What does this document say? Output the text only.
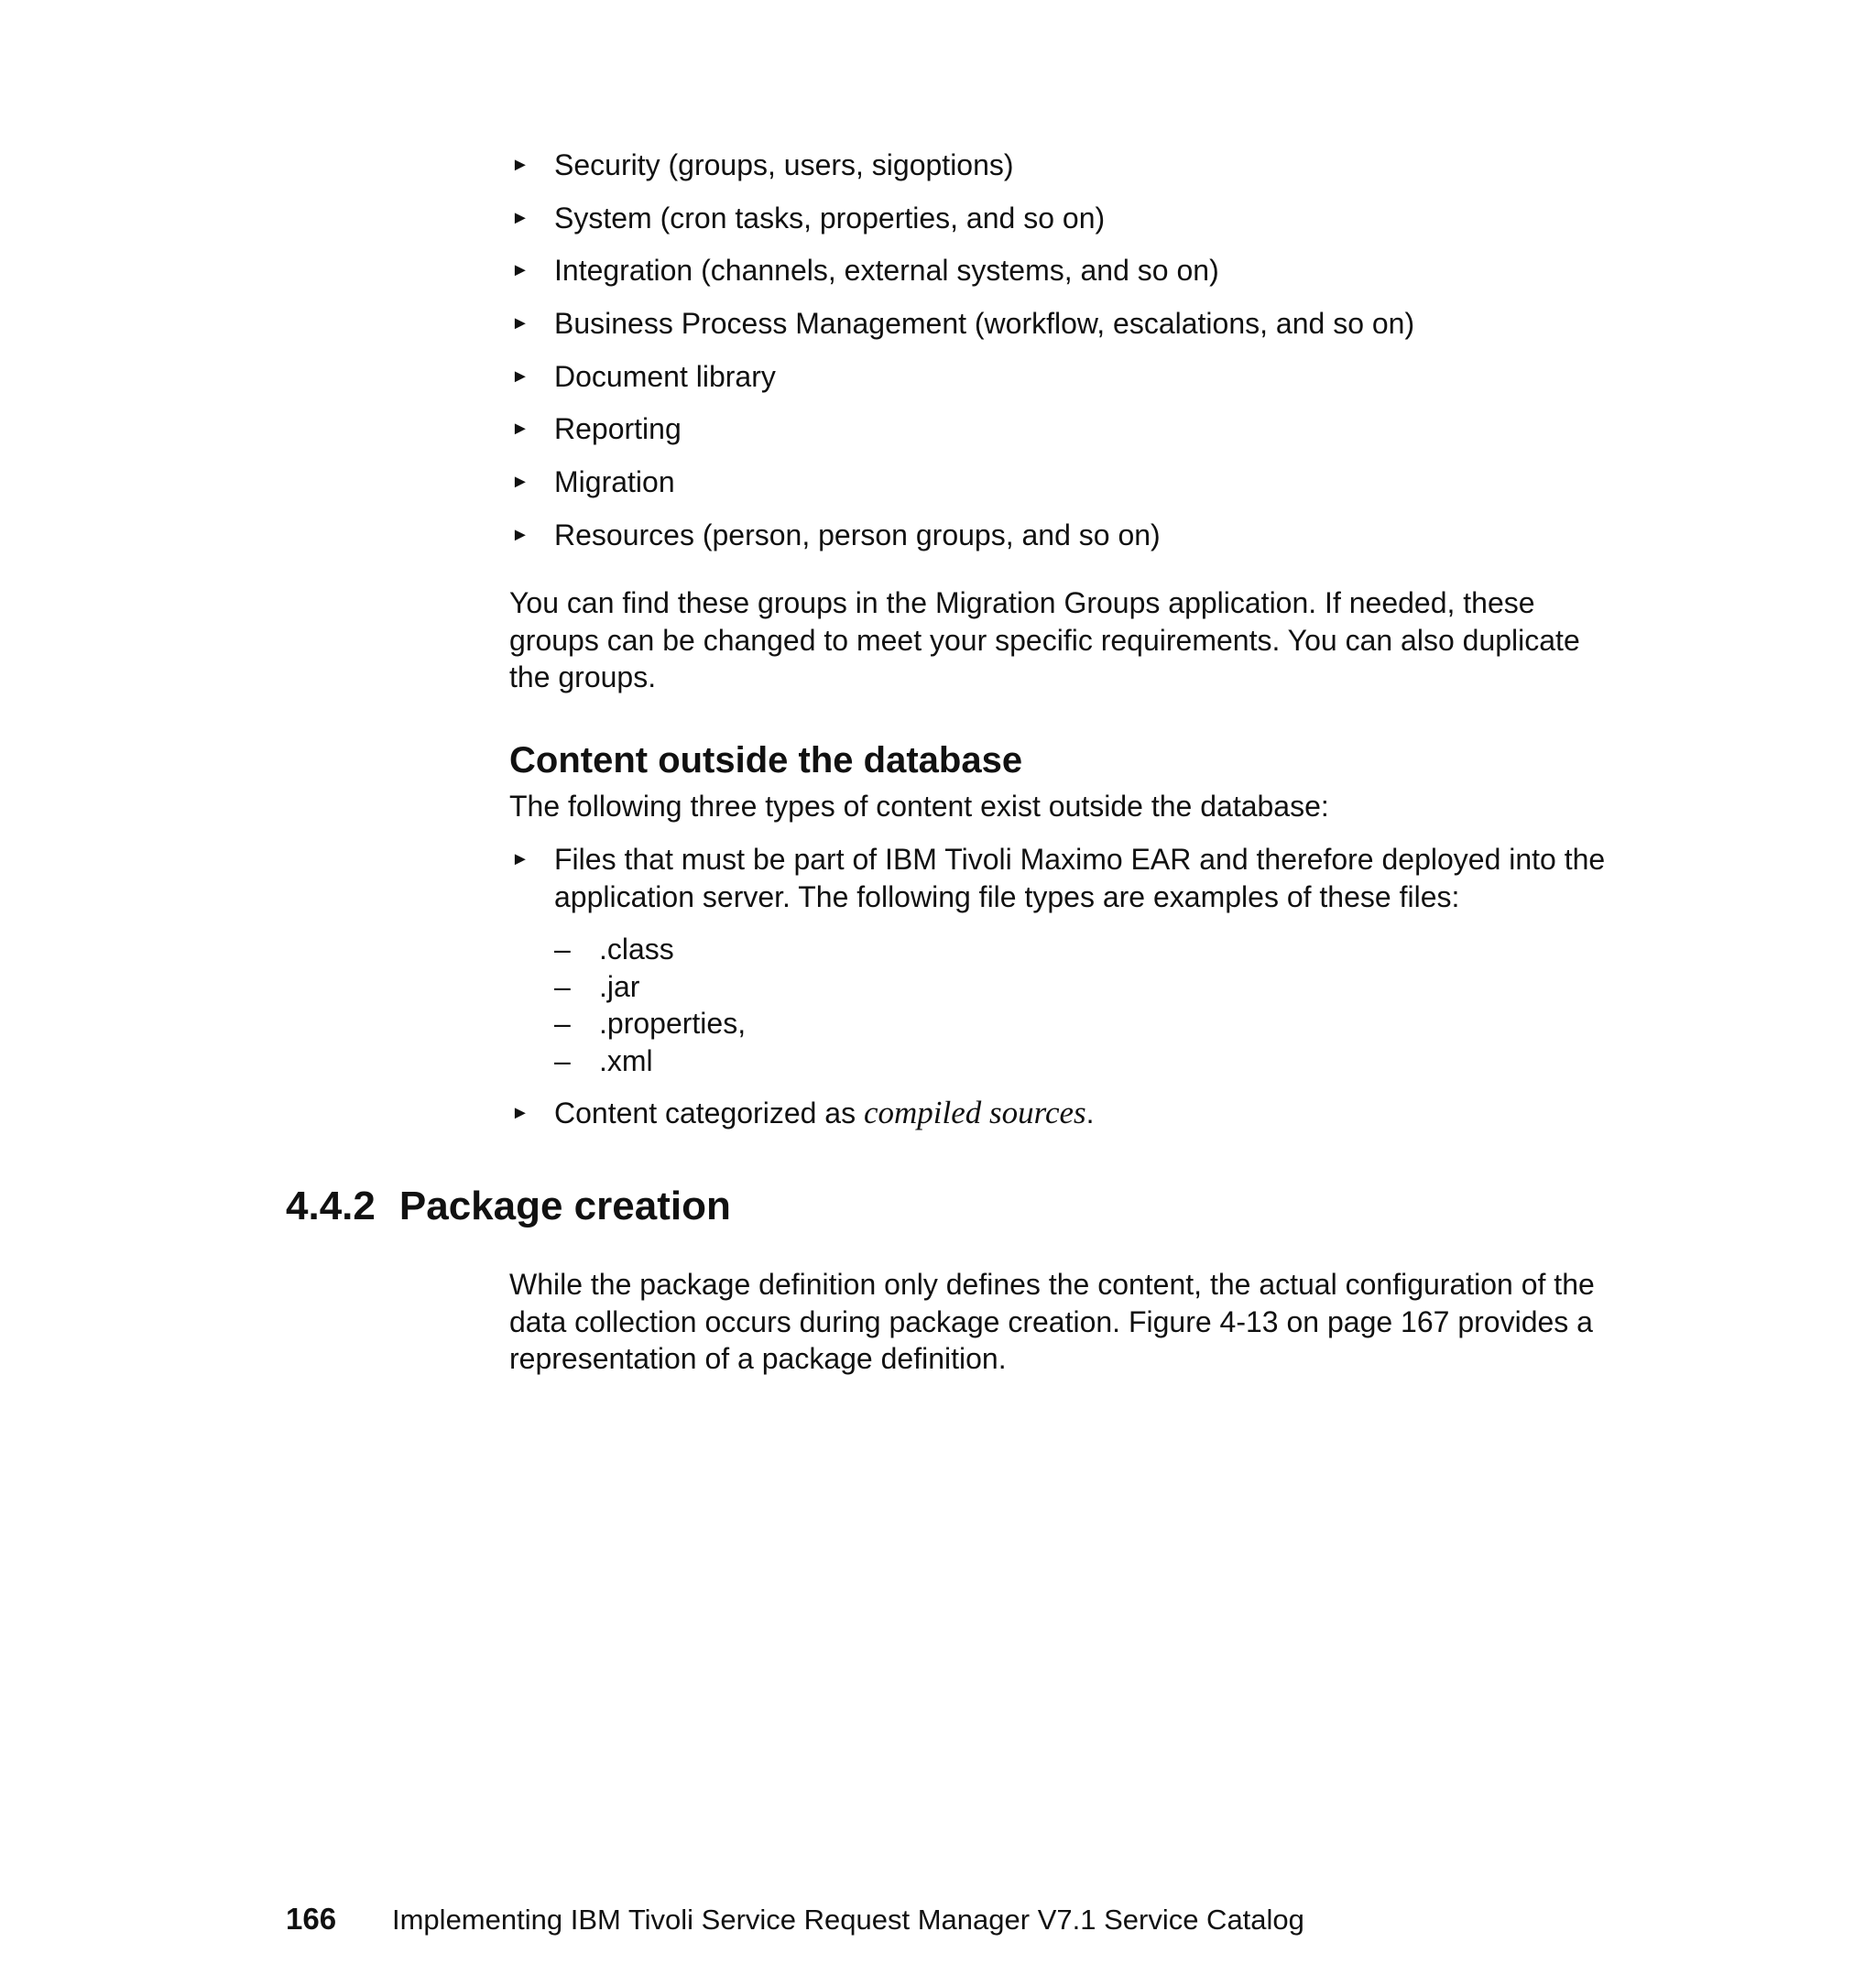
► Security (groups, users, sigoptions)
► System (cron tasks, properties, and so on)
► Integration (channels, external systems, and so on)
► Business Process Management (workflow, escalations, and so on)
► Document library
► Reporting
► Migration
► Resources (person, person groups, and so on)

You can find these groups in the Migration Groups application. If needed, these groups can be changed to meet your specific requirements. You can also duplicate the groups.

Content outside the database

The following three types of content exist outside the database:

► Files that must be part of IBM Tivoli Maximo EAR and therefore deployed into the application server. The following file types are examples of these files:
– .class
– .jar
– .properties,
– .xml
► Content categorized as compiled sources.
4.4.2 Package creation

While the package definition only defines the content, the actual configuration of the data collection occurs during package creation. Figure 4-13 on page 167 provides a representation of a package definition.

166 Implementing IBM Tivoli Service Request Manager V7.1 Service Catalog
